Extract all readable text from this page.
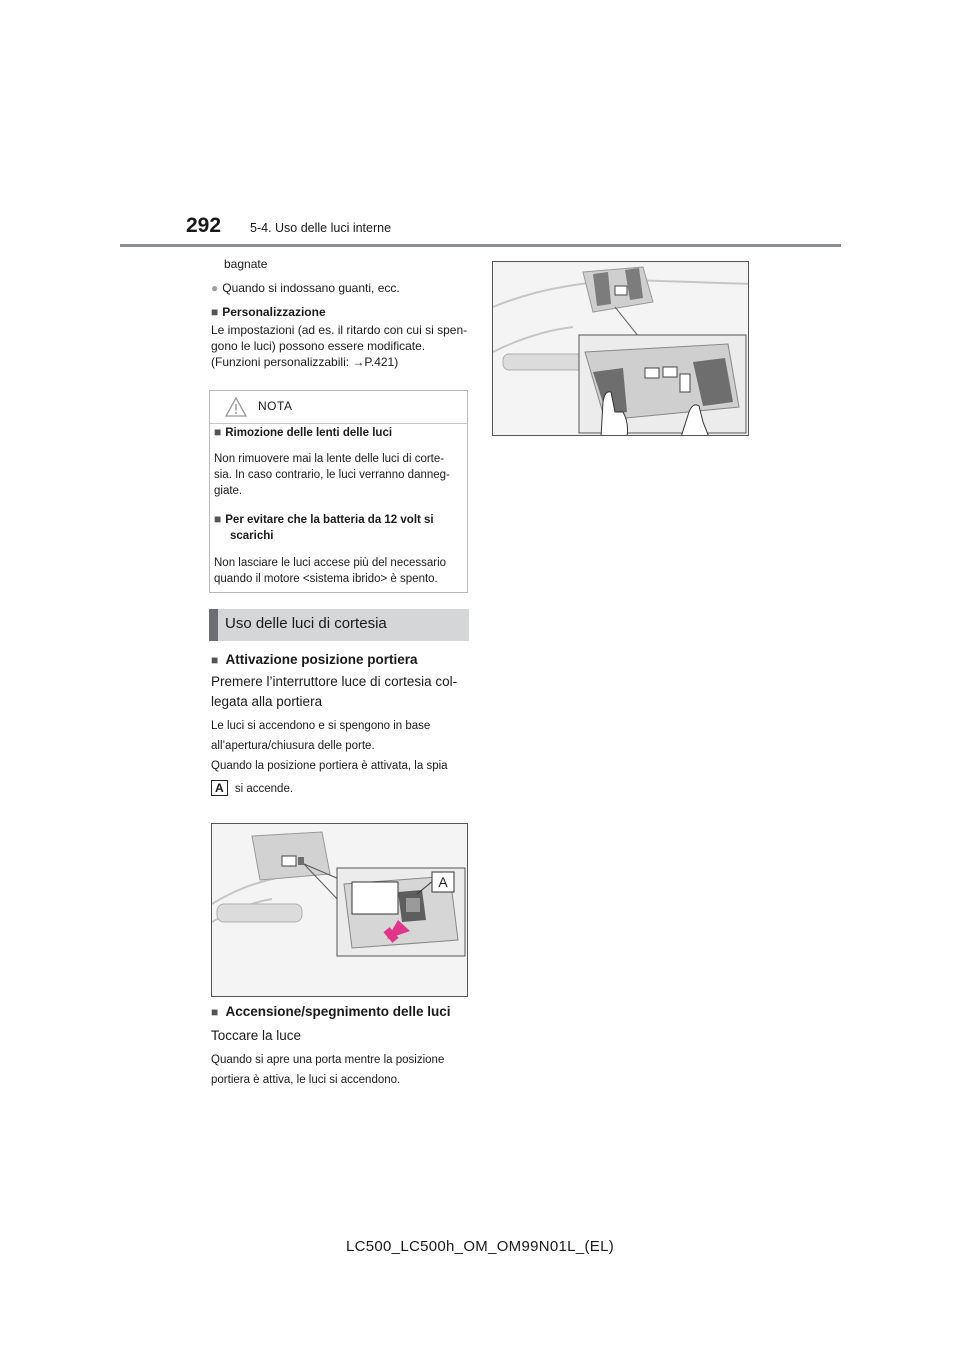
292 5-4. Uso delle luci interne
bagnate
● Quando si indossano guanti, ecc.
■ Personalizzazione
Le impostazioni (ad es. il ritardo con cui si spen-
gono le luci) possono essere modificate.
(Funzioni personalizzabili: →P.421)
NOTA
■ Rimozione delle lenti delle luci
Non rimuovere mai la lente delle luci di corte-
sia. In caso contrario, le luci verranno danneg-
giate.
■ Per evitare che la batteria da 12 volt si
scarichi
Non lasciare le luci accese più del necessario
quando il motore <sistema ibrido> è spento.
Uso delle luci di cortesia
■ Attivazione posizione portiera
Premere l’interruttore luce di cortesia col-
legata alla portiera
Le luci si accendono e si spengono in base
all’apertura/chiusura delle porte.
Quando la posizione portiera è attivata, la spia
A si accende.
A
■ Accensione/spegnimento delle luci
Toccare la luce
Quando si apre una porta mentre la posizione
portiera è attiva, le luci si accendono.
LC500_LC500h_OM_OM99N01L_(EL)
